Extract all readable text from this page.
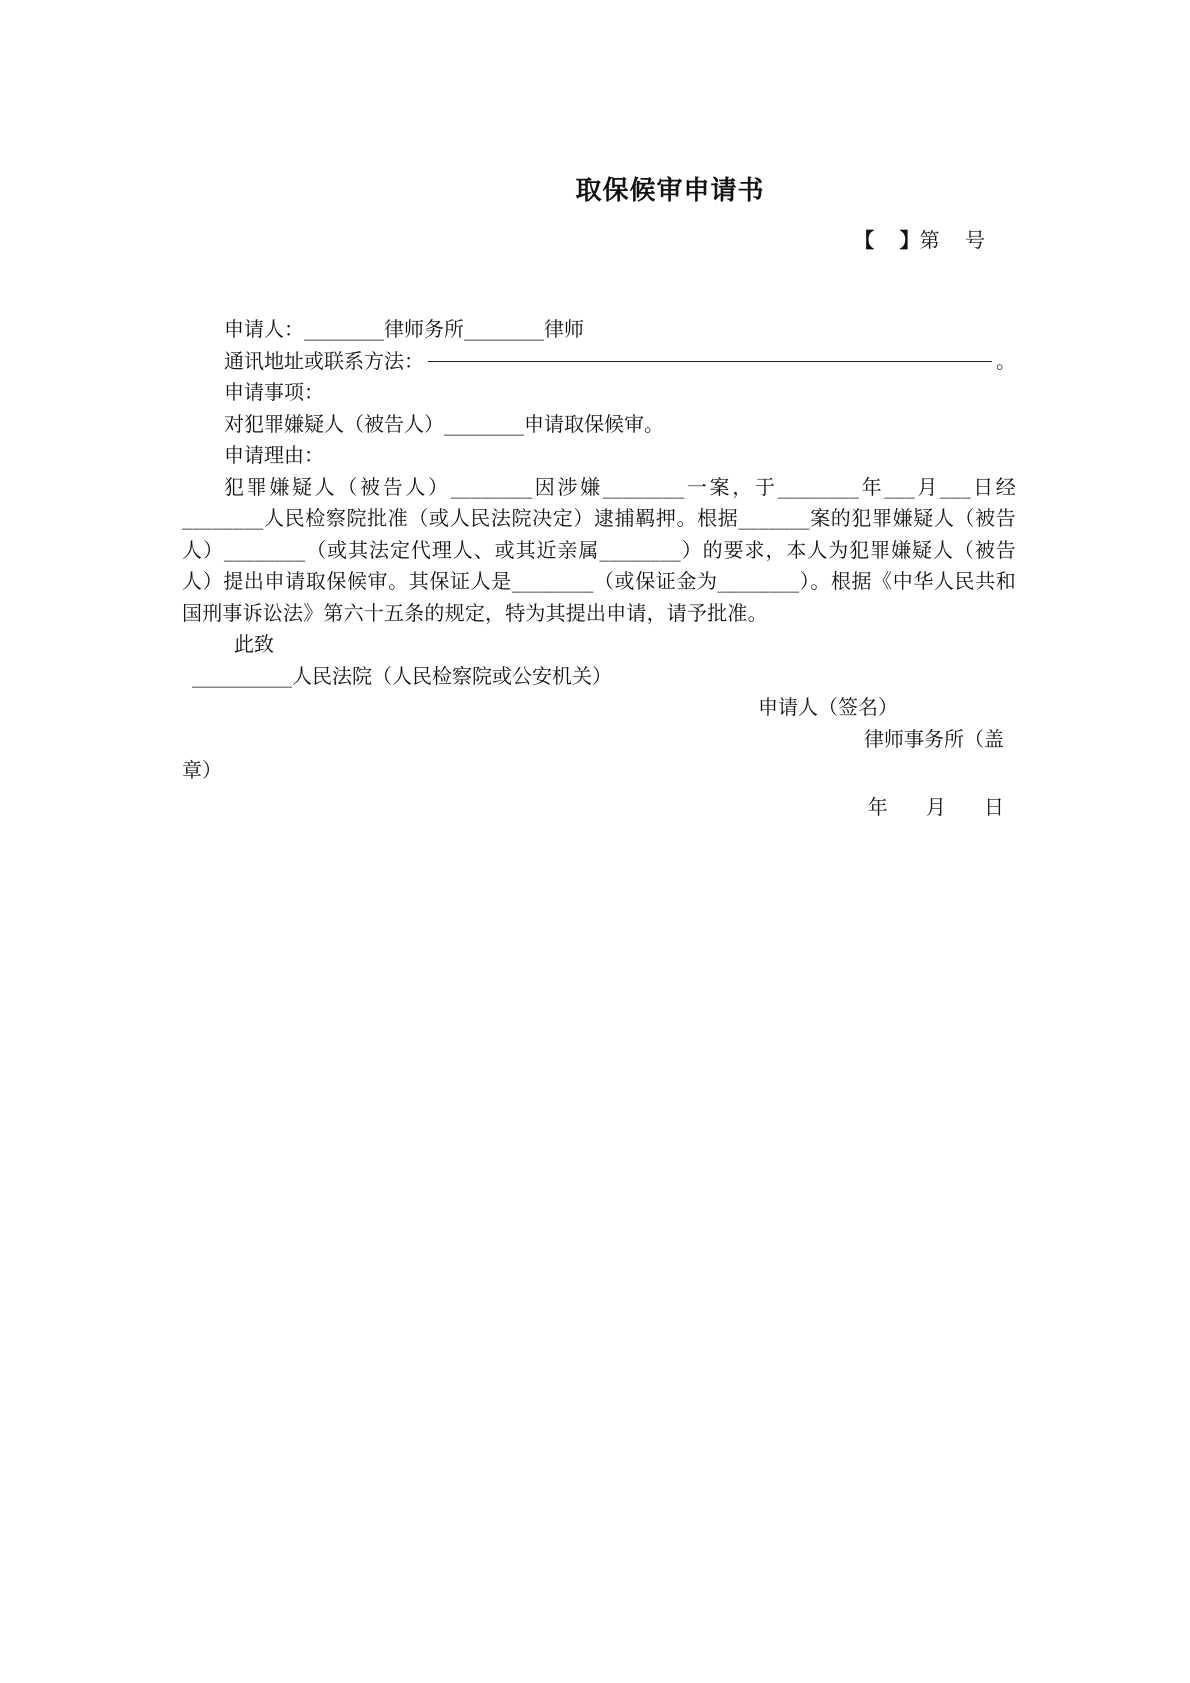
取保候审申请书
【 】第 号

申请人：________律师务所________律师

通讯地址或联系方法：	。

申请事项：

对犯罪嫌疑人（被告人）________申请取保候审。

申请理由：

犯罪嫌疑人（被告人）________因涉嫌________一案，于________年___月___日经________人民检察院批准（或人民法院决定）逮捕羁押。根据_______案的犯罪嫌疑人（被告人）________（或其法定代理人、或其近亲属________）的要求，本人为犯罪嫌疑人（被告人）提出申请取保候审。其保证人是________（或保证金为________）。根据《中华人民共和国刑事诉讼法》第六十五条的规定，特为其提出申请，请予批准。

此致

__________人民法院（人民检察院或公安机关）

申请人（签名）

律师事务所（盖

章）

年      月      日
